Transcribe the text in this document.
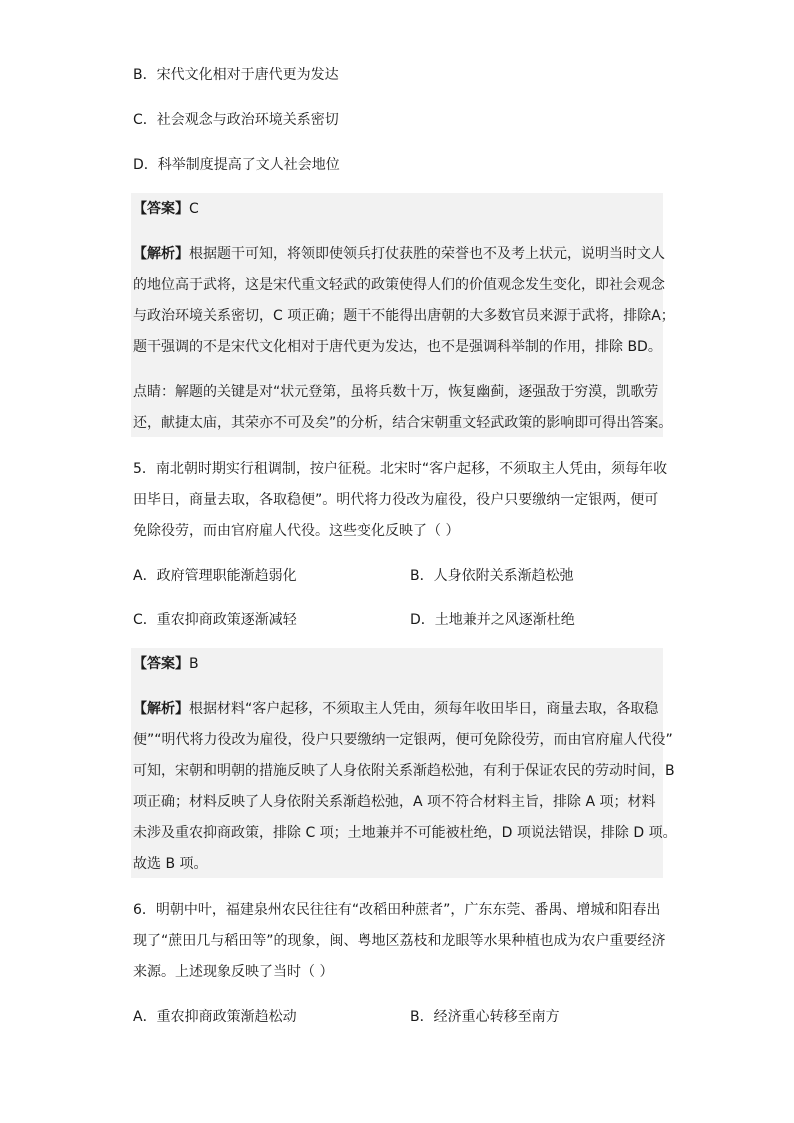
B．宋代文化相对于唐代更为发达
C．社会观念与政治环境关系密切
D．科举制度提高了文人社会地位
【答案】C
【解析】根据题干可知，将领即使领兵打仗获胜的荣誉也不及考上状元，说明当时文人
的地位高于武将，这是宋代重文轻武的政策使得人们的价值观念发生变化，即社会观念
与政治环境关系密切，C 项正确；题干不能得出唐朝的大多数官员来源于武将，排除A；
题干强调的不是宋代文化相对于唐代更为发达，也不是强调科举制的作用，排除 BD。
点睛：解题的关键是对“状元登第，虽将兵数十万，恢复幽蓟，逐强敌于穷漠，凯歌劳
还，献捷太庙，其荣亦不可及矣”的分析，结合宋朝重文轻武政策的影响即可得出答案。
5．南北朝时期实行租调制，按户征税。北宋时“客户起移，不须取主人凭由，须每年收
田毕日，商量去取，各取稳便”。明代将力役改为雇役，役户只要缴纳一定银两，便可
免除役劳，而由官府雇人代役。这些变化反映了（ ）
A．政府管理职能渐趋弱化	B．人身依附关系渐趋松弛
C．重农抑商政策逐渐减轻	D．土地兼并之风逐渐杜绝
【答案】B
【解析】根据材料“客户起移，不须取主人凭由，须每年收田毕日，商量去取，各取稳
便”“明代将力役改为雇役，役户只要缴纳一定银两，便可免除役劳，而由官府雇人代役”
可知，宋朝和明朝的措施反映了人身依附关系渐趋松弛，有利于保证农民的劳动时间，B
项正确；材料反映了人身依附关系渐趋松弛，A 项不符合材料主旨，排除 A 项；材料
未涉及重农抑商政策，排除 C 项；土地兼并不可能被杜绝，D 项说法错误，排除 D 项。
故选 B 项。
6．明朝中叶，福建泉州农民往往有“改稻田种蔗者”，广东东莞、番禺、增城和阳春出
现了“蔗田几与稻田等”的现象，闽、粤地区荔枝和龙眼等水果种植也成为农户重要经济
来源。上述现象反映了当时（ ）
A．重农抑商政策渐趋松动	B．经济重心转移至南方
